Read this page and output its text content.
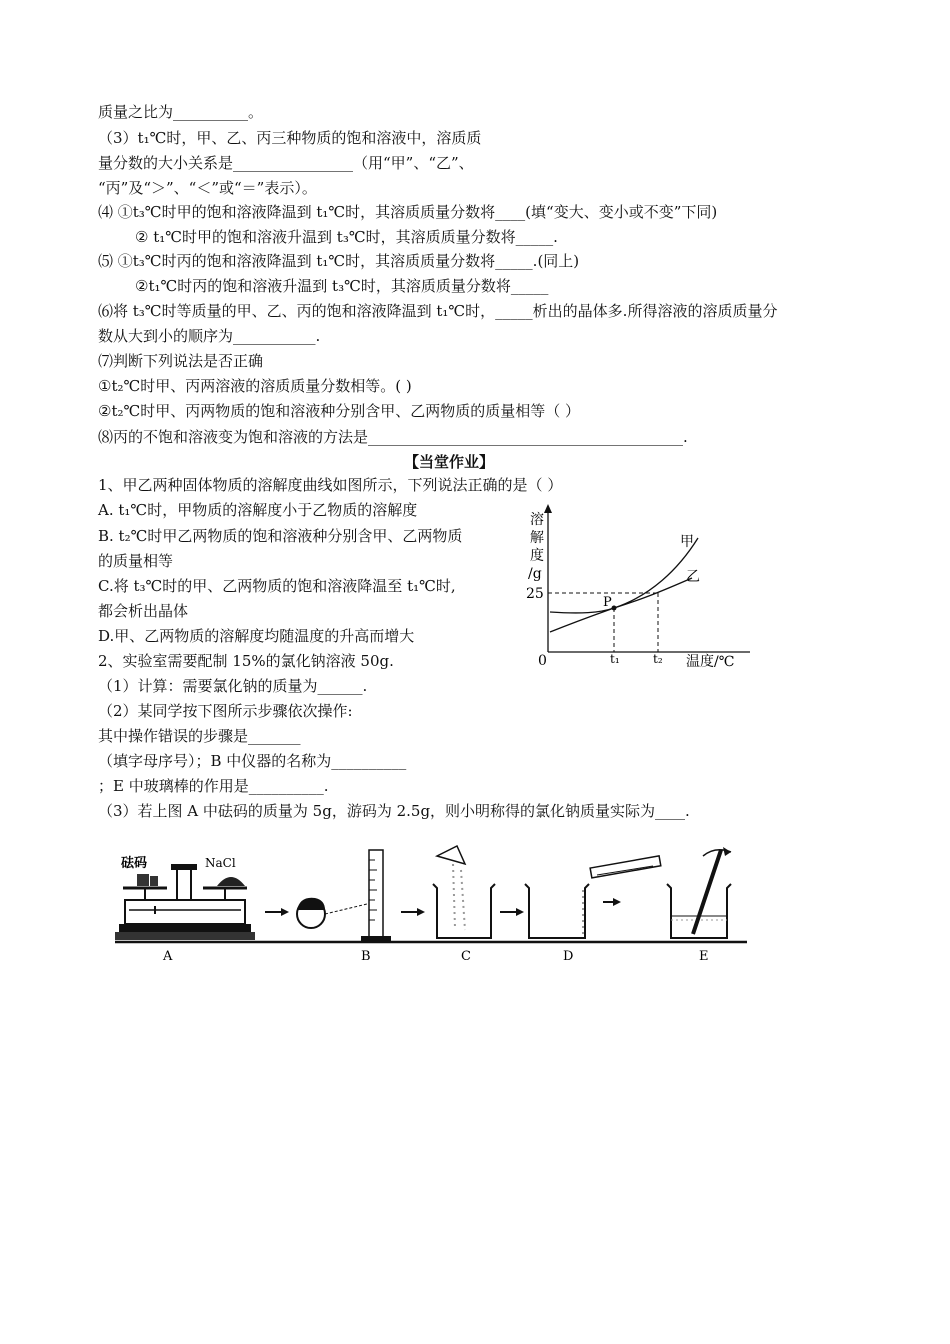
质量之比为__________。
（3）t₁℃时，甲、乙、丙三种物质的饱和溶液中，溶质质
量分数的大小关系是________________（用“甲”、“乙”、
“丙”及“＞”、“＜”或“＝”表示）。
⑷ ①t₃℃时甲的饱和溶液降温到 t₁℃时，其溶质质量分数将____(填“变大、变小或不变”下同)
② t₁℃时甲的饱和溶液升温到 t₃℃时，其溶质质量分数将_____.
⑸ ①t₃℃时丙的饱和溶液降温到 t₁℃时，其溶质质量分数将_____.(同上)
②t₁℃时丙的饱和溶液升温到 t₃℃时，其溶质质量分数将_____
⑹将 t₃℃时等质量的甲、乙、丙的饱和溶液降温到 t₁℃时，_____析出的晶体多.所得溶液的溶质质量分
数从大到小的顺序为___________.
⑺判断下列说法是否正确
①t₂℃时甲、丙两溶液的溶质质量分数相等。( )
②t₂℃时甲、丙两物质的饱和溶液种分别含甲、乙两物质的质量相等（ ）
⑻丙的不饱和溶液变为饱和溶液的方法是__________________________________________.
【当堂作业】
1、甲乙两种固体物质的溶解度曲线如图所示，下列说法正确的是（ ）
A. t₁℃时，甲物质的溶解度小于乙物质的溶解度
B. t₂℃时甲乙两物质的饱和溶液种分别含甲、乙两物质
的质量相等
C.将 t₃℃时的甲、乙两物质的饱和溶液降温至 t₁℃时,
都会析出晶体
D.甲、乙两物质的溶解度均随温度的升高而增大
2、实验室需要配制 15%的氯化钠溶液 50g.
（1）计算：需要氯化钠的质量为______.
（2）某同学按下图所示步骤依次操作:
其中操作错误的步骤是_______
（填字母序号）；B 中仪器的名称为__________
；E 中玻璃棒的作用是__________.
（3）若上图 A 中砝码的质量为 5g，游码为 2.5g，则小明称得的氯化钠质量实际为____.
溶
解
度
/g
25
0
P
甲
乙
t₁	t₂ 温度/℃
砝码	NaCl
A	B	C	D	E
